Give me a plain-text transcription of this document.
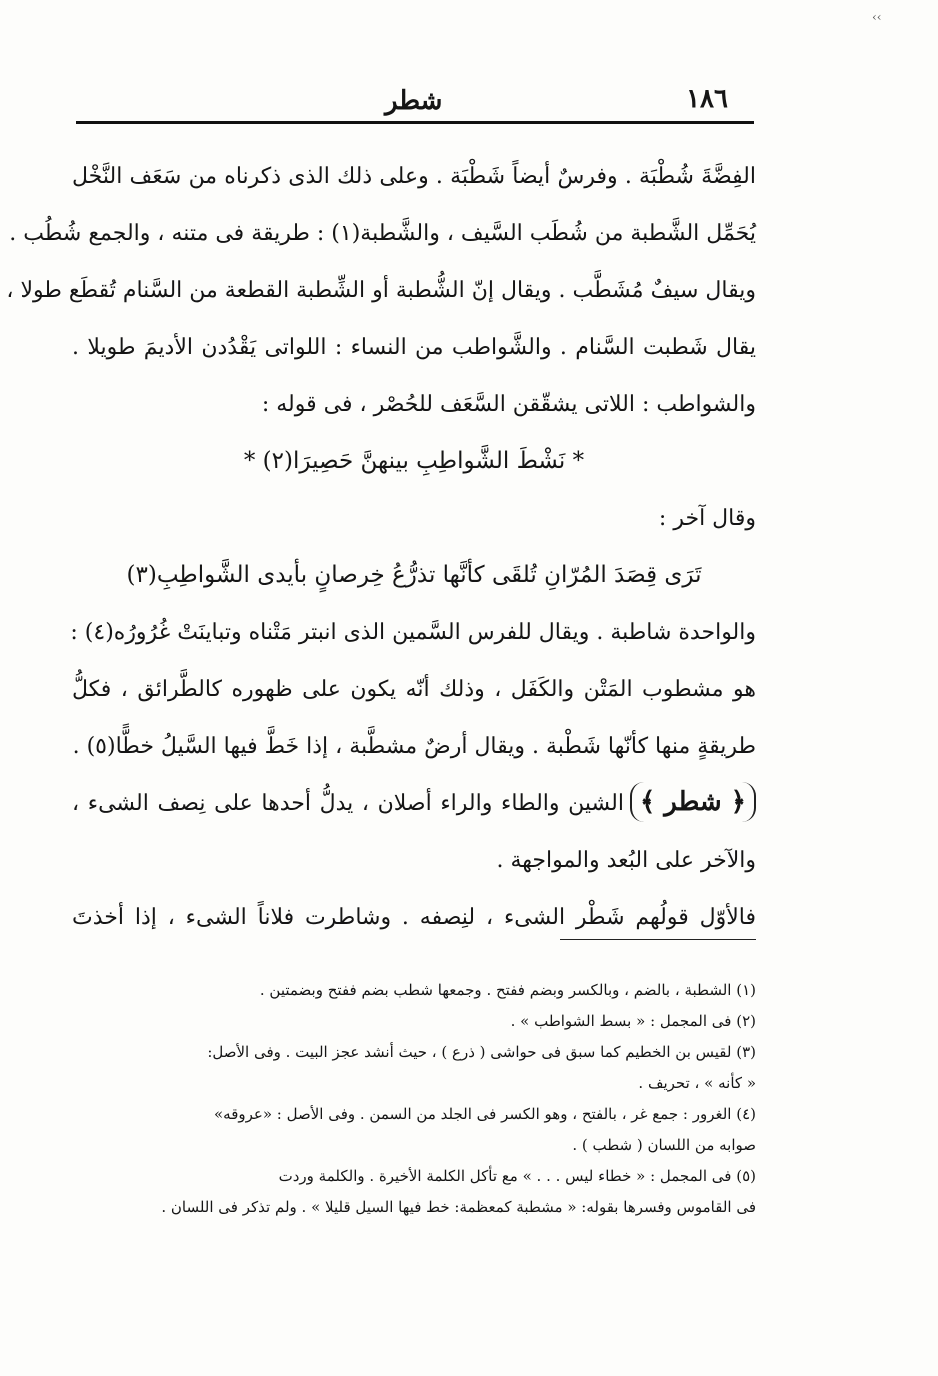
‹‹
١٨٦
شطر
الفِضَّةَ شُطْبَة . وفرسٌ أيضاً شَطْبَة . وعلى ذلك الذى ذكرناه من سَعَف النَّخْل
يُحَمِّل الشَّطبة من شُطَب السَّيف ، والشَّطبة(١) : طريقة فى متنه ، والجمع شُطُب .
ويقال سيفٌ مُشَطَّب . ويقال إنّ الشُّطبة أو الشِّطبة القطعة من السَّنام تُقطَع طولا ،
يقال شَطبت السَّنام . والشَّواطب من النساء : اللواتى يَقْدُدن الأديمَ طويلا .
والشواطب : اللاتى يشقّقن السَّعَف للحُصْر ، فى قوله :
* نَشْطَ الشَّواطِبِ بينهنَّ حَصِيرَا(٢) *
وقال آخر :
تَرَى قِصَدَ المُرّانِ تُلقَى كأنَّها تذرُّعُ خِرصانٍ بأيدى الشَّواطِبِ(٣)
والواحدة شاطبة . ويقال للفرس السَّمين الذى انبتر مَتْناه وتباينَتْ غُرُورُه(٤) :
هو مشطوب المَتْن والكَفَل ، وذلك أنّه يكون على ظهوره كالطَّرائق ، فكلُّ
طريقةٍ منها كأنّها شَطْبة . ويقال أرضٌ مشطَّبة ، إذا خَطَّ فيها السَّيلُ خطًّا(٥) .
﴿ شطر ﴾الشين والطاء والراء أصلان ، يدلُّ أحدها على نِصف الشىء ،
والآخر على البُعد والمواجهة .
فالأوّل قولُهم شَطْر الشىء ، لنِصفه . وشاطرت فلاناً الشىء ، إذا أخذتَ
(١) الشطبة ، بالضم ، وبالكسر وبضم ففتح . وجمعها شطب بضم ففتح وبضمتين .
(٢) فى المجمل : « بسط الشواطب » .
(٣) لقيس بن الخطيم كما سبق فى حواشى ( ذرع ) ، حيث أنشد عجز البيت . وفى الأصل:
« كأنه » ، تحريف .
(٤) الغرور : جمع غر ، بالفتح ، وهو الكسر فى الجلد من السمن . وفى الأصل : «عروقه»
صوابه من اللسان ( شطب ) .
(٥) فى المجمل : « خطاء ليس . . . » مع تأكل الكلمة الأخيرة . والكلمة وردت
فى القاموس وفسرها بقوله: « مشطبة كمعظمة: خط فيها السيل قليلا » . ولم تذكر فى اللسان .
